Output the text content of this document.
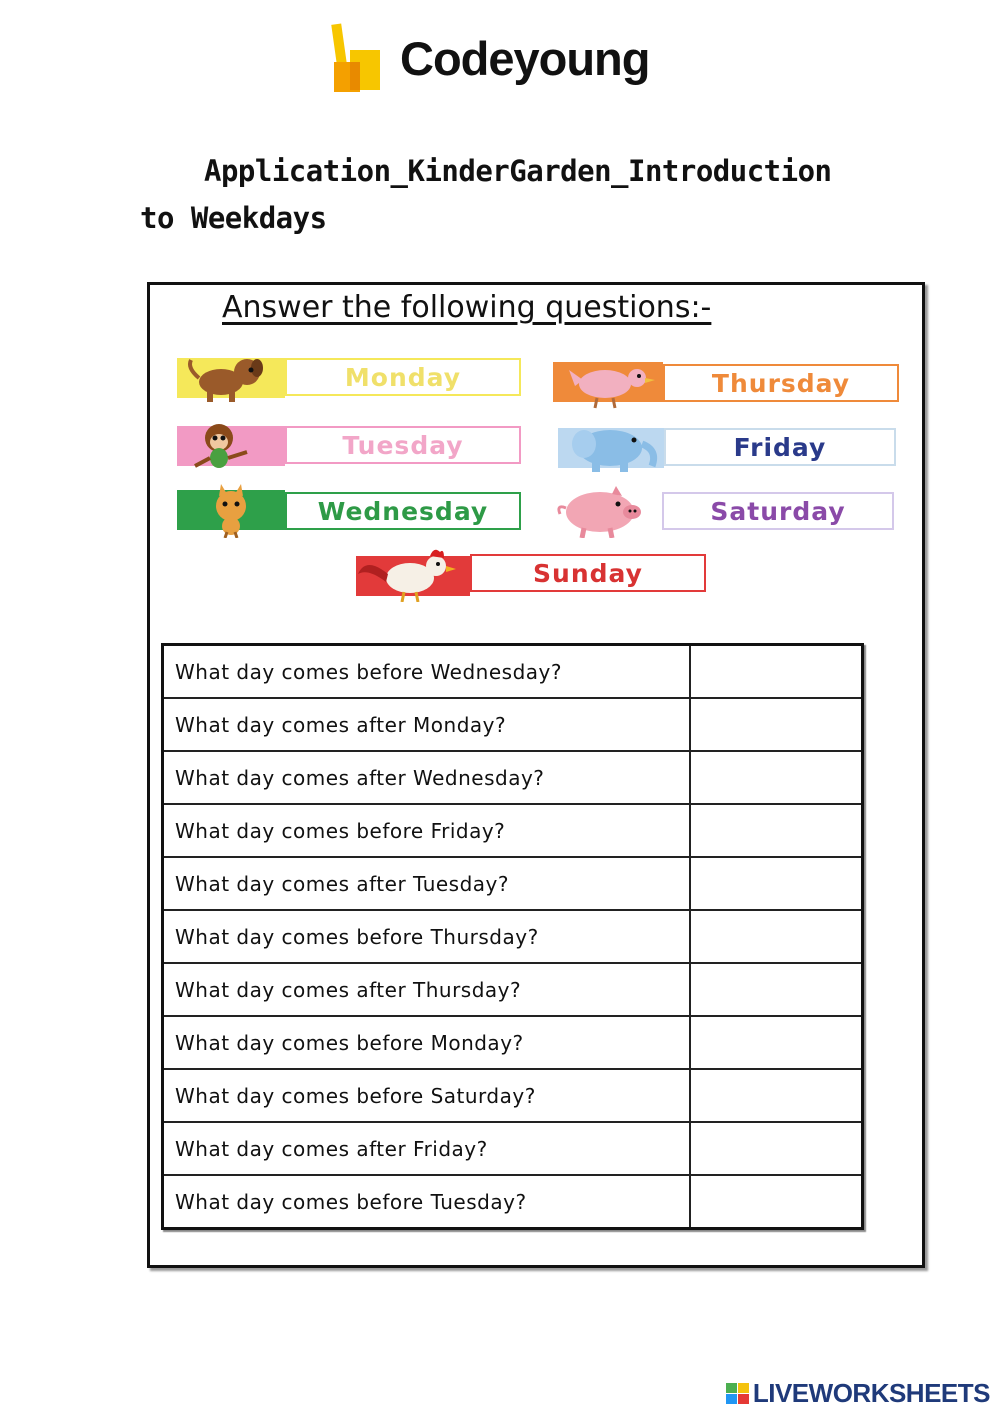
Codeyoung
Application_KinderGarden_Introduction
to Weekdays
Answer the following questions:-
Monday
Tuesday
Wednesday
Thursday
Friday
Saturday
Sunday
What day comes before Wednesday?	
What day comes after Monday?	
What day comes after Wednesday?	
What day comes before Friday?	
What day comes after Tuesday?	
What day comes before Thursday?	
What day comes after Thursday?	
What day comes before Monday?	
What day comes before Saturday?	
What day comes after Friday?	
What day comes before Tuesday?	
LIVEWORKSHEETS
